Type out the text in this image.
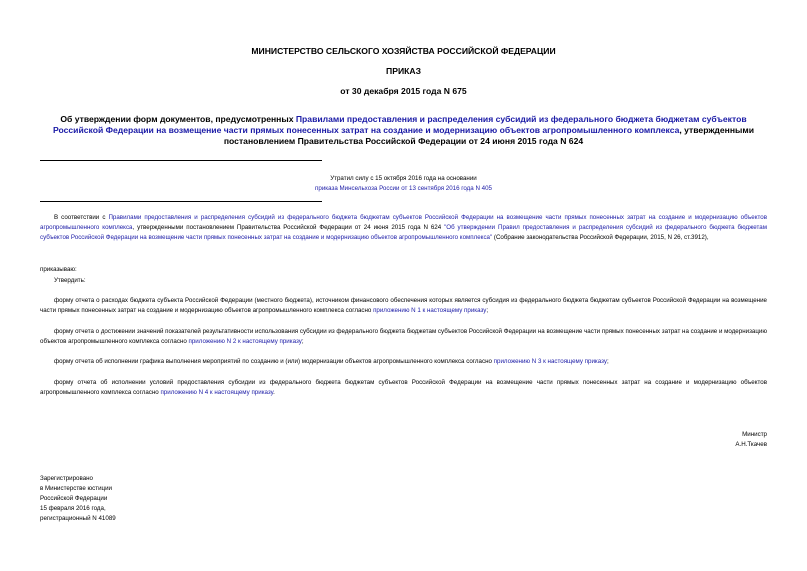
МИНИСТЕРСТВО СЕЛЬСКОГО ХОЗЯЙСТВА РОССИЙСКОЙ ФЕДЕРАЦИИ
ПРИКАЗ
от 30 декабря 2015 года N 675
Об утверждении форм документов, предусмотренных Правилами предоставления и распределения субсидий из федерального бюджета бюджетам субъектов Российской Федерации на возмещение части прямых понесенных затрат на создание и модернизацию объектов агропромышленного комплекса, утвержденными постановлением Правительства Российской Федерации от 24 июня 2015 года N 624
Утратил силу с 15 октября 2016 года на основании
приказа Минсельхоза России от 13 сентября 2016 года N 405
В соответствии с Правилами предоставления и распределения субсидий из федерального бюджета бюджетам субъектов Российской Федерации на возмещение части прямых понесенных затрат на создание и модернизацию объектов агропромышленного комплекса, утвержденными постановлением Правительства Российской Федерации от 24 июня 2015 года N 624 "Об утверждении Правил предоставления и распределения субсидий из федерального бюджета бюджетам субъектов Российской Федерации на возмещение части прямых понесенных затрат на создание и модернизацию объектов агропромышленного комплекса" (Собрание законодательства Российской Федерации, 2015, N 26, ст.3912),
приказываю:
Утвердить:
форму отчета о расходах бюджета субъекта Российской Федерации (местного бюджета), источником финансового обеспечения которых является субсидия из федерального бюджета бюджетам субъектов Российской Федерации на возмещение части прямых понесенных затрат на создание и модернизацию объектов агропромышленного комплекса согласно приложению N 1 к настоящему приказу;
форму отчета о достижении значений показателей результативности использования субсидии из федерального бюджета бюджетам субъектов Российской Федерации на возмещение части прямых понесенных затрат на создание и модернизацию объектов агропромышленного комплекса согласно приложению N 2 к настоящему приказу;
форму отчета об исполнении графика выполнения мероприятий по созданию и (или) модернизации объектов агропромышленного комплекса согласно приложению N 3 к настоящему приказу;
форму отчета об исполнении условий предоставления субсидии из федерального бюджета бюджетам субъектов Российской Федерации на возмещение части прямых понесенных затрат на создание и модернизацию объектов агропромышленного комплекса согласно приложению N 4 к настоящему приказу.
Министр
А.Н.Ткачев
Зарегистрировано
в Министерстве юстиции
Российской Федерации
15 февраля 2016 года,
регистрационный N 41089
